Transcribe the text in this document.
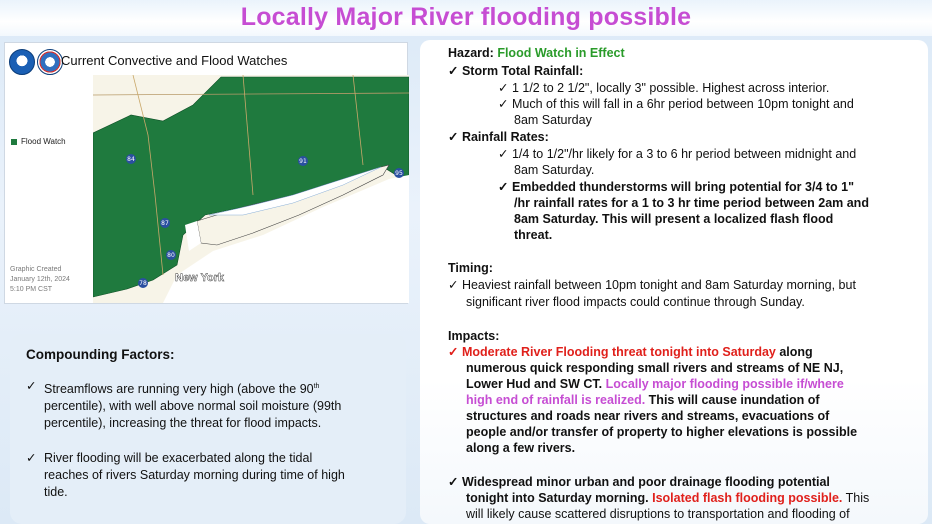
Locally Major River flooding possible
Current Convective and Flood Watches
Flood Watch
Graphic Created
January 12th, 2024
5:10 PM CST
84
87
91
95
80
78	New York
Compounding Factors:
✓ Streamflows are running very high (above the 90th
percentile), with well above normal soil moisture (99th
percentile), increasing the threat for flood impacts.
✓ River flooding will be exacerbated along the tidal
reaches of rivers Saturday morning during time of high
tide.
Hazard: Flood Watch in Effect
✓ Storm Total Rainfall:
✓ 1 1/2 to 2 1/2", locally 3" possible. Highest across interior.
✓ Much of this will fall in a 6hr period between 10pm tonight and
8am Saturday
✓ Rainfall Rates:
✓ 1/4 to 1/2"/hr likely for a 3 to 6 hr period between midnight and
8am Saturday.
✓ Embedded thunderstorms will bring potential for 3/4 to 1"
/hr rainfall rates for a 1 to 3 hr time period between 2am and
8am Saturday. This will present a localized flash flood
threat.
Timing:
✓ Heaviest rainfall between 10pm tonight and 8am Saturday morning, but
significant river flood impacts could continue through Sunday.
Impacts:
✓ Moderate River Flooding threat tonight into Saturday along
numerous quick responding small rivers and streams of NE NJ,
Lower Hud and SW CT. Locally major flooding possible if/where
high end of rainfall is realized. This will cause inundation of
structures and roads near rivers and streams, evacuations of
people and/or transfer of property to higher elevations is possible
along a few rivers.
✓ Widespread minor urban and poor drainage flooding potential
tonight into Saturday morning. Isolated flash flooding possible. This
will likely cause scattered disruptions to transportation and flooding of
